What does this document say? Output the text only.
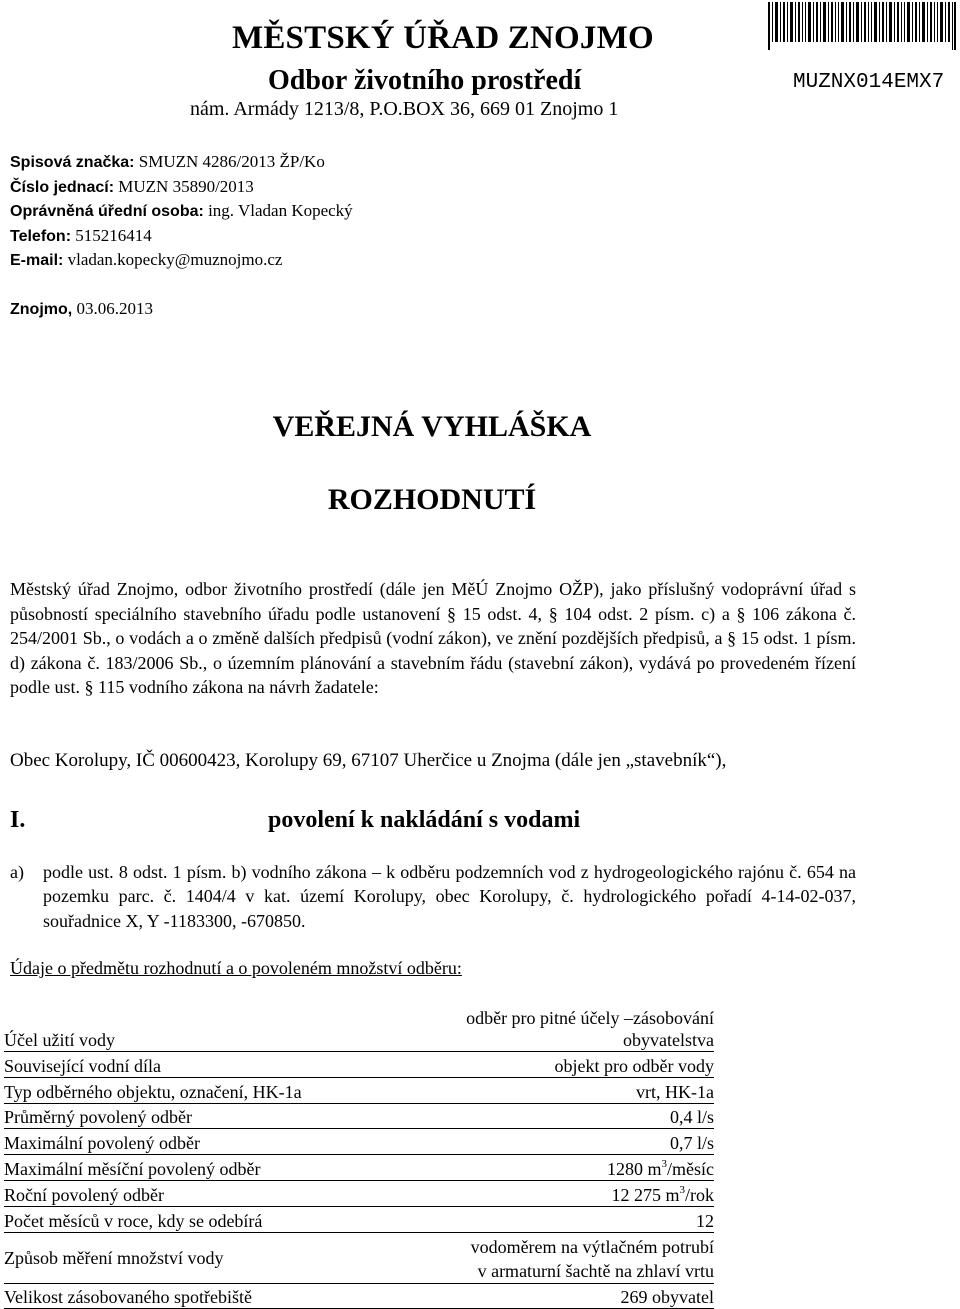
MĚSTSKÝ ÚŘAD ZNOJMO
Odbor životního prostředí
nám. Armády 1213/8, P.O.BOX 36, 669 01 Znojmo 1
MUZNX014EMX7
Spisová značka: SMUZN 4286/2013 ŽP/Ko
Číslo jednací: MUZN 35890/2013
Oprávněná úřední osoba: ing. Vladan Kopecký
Telefon: 515216414
E-mail: vladan.kopecky@muznojmo.cz
Znojmo, 03.06.2013
VEŘEJNÁ VYHLÁŠKA
ROZHODNUTÍ
Městský úřad Znojmo, odbor životního prostředí (dále jen MěÚ Znojmo OŽP), jako příslušný vodoprávní úřad s působností speciálního stavebního úřadu podle ustanovení § 15 odst. 4, § 104 odst. 2 písm. c) a § 106 zákona č. 254/2001 Sb., o vodách a o změně dalších předpisů (vodní zákon), ve znění pozdějších předpisů, a § 15 odst. 1 písm. d) zákona č. 183/2006 Sb., o územním plánování a stavebním řádu (stavební zákon), vydává po provedeném řízení podle ust. § 115 vodního zákona na návrh žadatele:
Obec Korolupy, IČ 00600423, Korolupy 69, 67107 Uherčice u Znojma (dále jen „stavebník“),
I.	povolení k nakládání s vodami
a) podle ust. 8 odst. 1 písm. b) vodního zákona – k odběru podzemních vod z hydrogeologického rajónu č. 654 na pozemku parc. č. 1404/4 v kat. území Korolupy, obec Korolupy, č. hydrologického pořadí 4-14-02-037, souřadnice X, Y -1183300, -670850.
Údaje o předmětu rozhodnutí a o povoleném množství odběru:
Účel užití vody	odběr pro pitné účely –zásobování obyvatelstva
Související vodní díla	objekt pro odběr vody
Typ odběrného objektu, označení, HK-1a	vrt, HK-1a
Průměrný povolený odběr	0,4 l/s
Maximální povolený odběr	0,7 l/s
Maximální měsíční povolený odběr	1280 $m^3$/měsíc
Roční povolený odběr	12 275 $m^3$/rok
Počet měsíců v roce, kdy se odebírá	12
Způsob měření množství vody	vodoměrem na výtlačném potrubí
v armaturní šachtě na zhlaví vrtu

Velikost zásobovaného spotřebiště	269 obyvatel
